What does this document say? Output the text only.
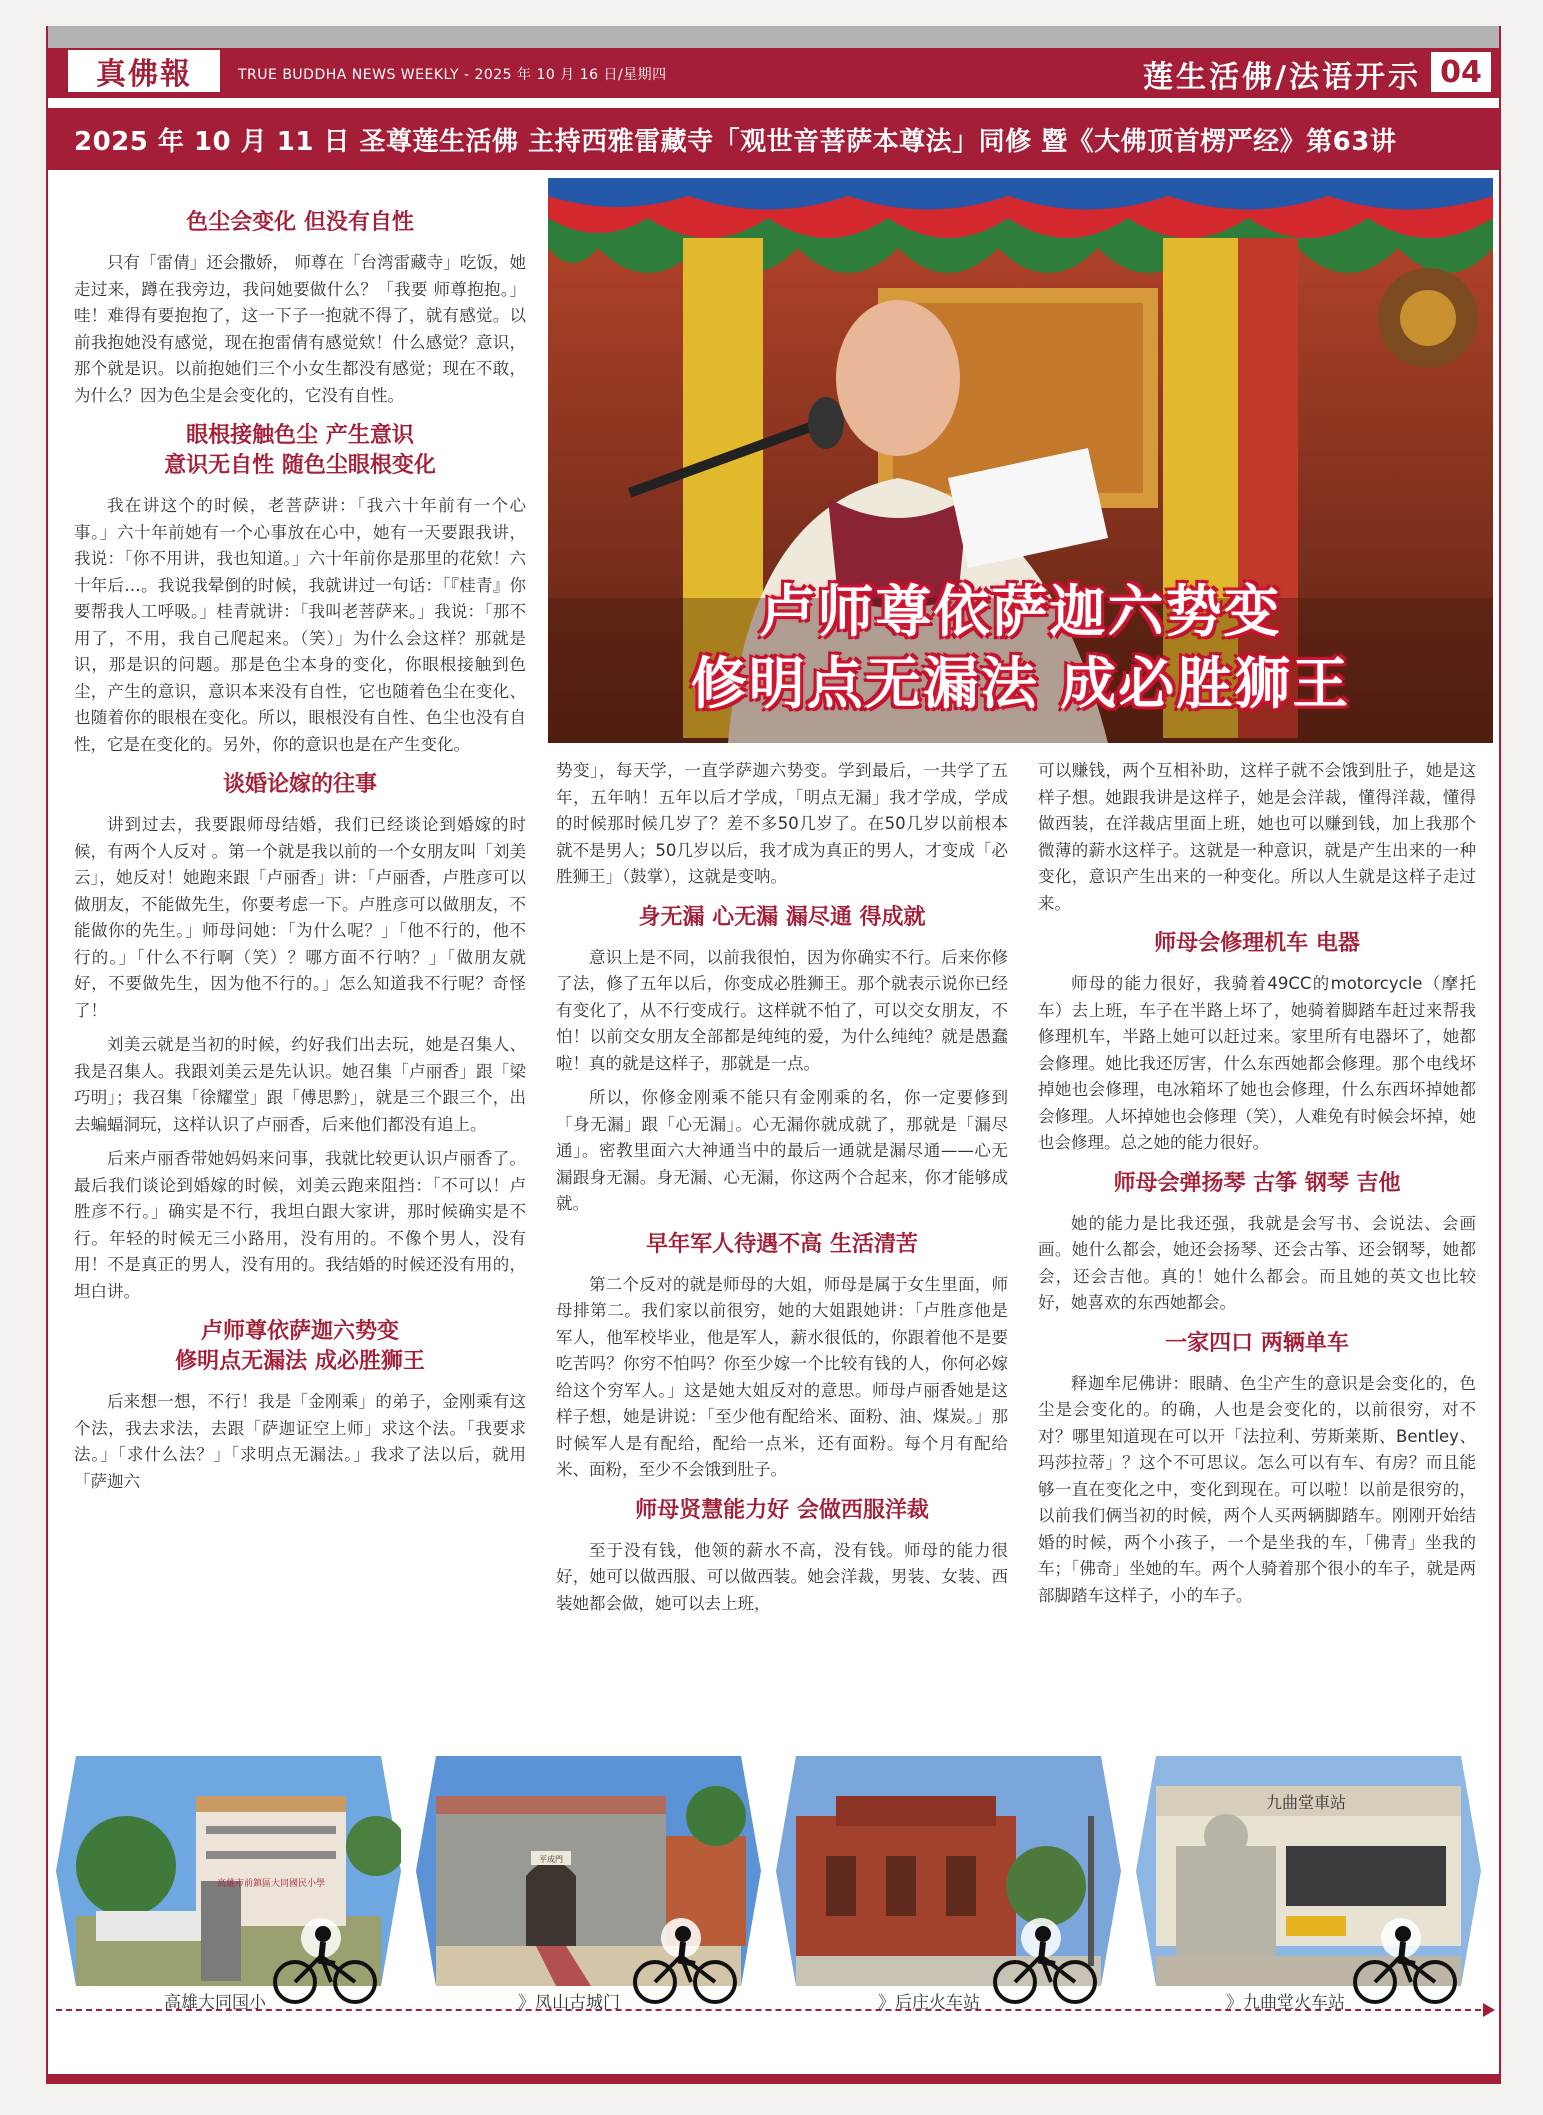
真佛報	TRUE BUDDHA NEWS WEEKLY - 2025 年 10 月 16 日/星期四	莲生活佛/法语开示 04
2025 年 10 月 11 日 圣尊莲生活佛 主持西雅雷藏寺「观世音菩萨本尊法」同修 暨《大佛顶首楞严经》第63讲
色尘会变化 但没有自性

只有「雷倩」还会撒娇， 师尊在「台湾雷藏寺」吃饭，她走过来，蹲在我旁边，我问她要做什么？「我要 师尊抱抱。」哇！难得有要抱抱了，这一下子一抱就不得了，就有感觉。以前我抱她没有感觉，现在抱雷倩有感觉欸！什么感觉？意识，那个就是识。以前抱她们三个小女生都没有感觉；现在不敢，为什么？因为色尘是会变化的，它没有自性。

眼根接触色尘 产生意识
意识无自性 随色尘眼根变化

我在讲这个的时候，老菩萨讲：「我六十年前有一个心事。」六十年前她有一个心事放在心中，她有一天要跟我讲，我说：「你不用讲，我也知道。」六十年前你是那里的花欸！六十年后…。我说我晕倒的时候，我就讲过一句话：「『桂青』你要帮我人工呼吸。」桂青就讲：「我叫老菩萨来。」我说：「那不用了，不用，我自己爬起来。（笑）」为什么会这样？那就是识，那是识的问题。那是色尘本身的变化，你眼根接触到色尘，产生的意识，意识本来没有自性，它也随着色尘在变化、也随着你的眼根在变化。所以，眼根没有自性、色尘也没有自性，它是在变化的。另外，你的意识也是在产生变化。

谈婚论嫁的往事

讲到过去，我要跟师母结婚，我们已经谈论到婚嫁的时候，有两个人反对 。第一个就是我以前的一个女朋友叫「刘美云」，她反对！她跑来跟「卢丽香」讲：「卢丽香，卢胜彦可以做朋友，不能做先生，你要考虑一下。卢胜彦可以做朋友，不能做你的先生。」师母问她：「为什么呢？」「他不行的，他不行的。」「什么不行啊（笑）？哪方面不行呐？」「做朋友就好，不要做先生，因为他不行的。」怎么知道我不行呢？奇怪了！

刘美云就是当初的时候，约好我们出去玩，她是召集人、我是召集人。我跟刘美云是先认识。她召集「卢丽香」跟「梁巧明」；我召集「徐耀堂」跟「傅思黔」，就是三个跟三个，出去蝙蝠洞玩，这样认识了卢丽香，后来他们都没有追上。

后来卢丽香带她妈妈来问事，我就比较更认识卢丽香了。最后我们谈论到婚嫁的时候，刘美云跑来阻挡：「不可以！卢胜彦不行。」确实是不行，我坦白跟大家讲，那时候确实是不行。年轻的时候无三小路用，没有用的。不像个男人，没有用！不是真正的男人，没有用的。我结婚的时候还没有用的，坦白讲。

卢师尊依萨迦六势变
修明点无漏法 成必胜狮王

后来想一想，不行！我是「金刚乘」的弟子，金刚乘有这个法，我去求法，去跟「萨迦证空上师」求这个法。「我要求法。」「求什么法？」「求明点无漏法。」我求了法以后，就用「萨迦六

卢师尊依萨迦六势变
修明点无漏法 成必胜狮王

势变」，每天学，一直学萨迦六势变。学到最后，一共学了五年，五年呐！五年以后才学成，「明点无漏」我才学成，学成的时候那时候几岁了？差不多50几岁了。在50几岁以前根本就不是男人；50几岁以后，我才成为真正的男人，才变成「必胜狮王」（鼓掌），这就是变呐。

身无漏 心无漏 漏尽通 得成就

意识上是不同，以前我很怕，因为你确实不行。后来你修了法，修了五年以后，你变成必胜狮王。那个就表示说你已经有变化了，从不行变成行。这样就不怕了，可以交女朋友，不怕！以前交女朋友全部都是纯纯的爱，为什么纯纯？就是愚蠢啦！真的就是这样子，那就是一点。

所以，你修金刚乘不能只有金刚乘的名，你一定要修到「身无漏」跟「心无漏」。心无漏你就成就了，那就是「漏尽通」。密教里面六大神通当中的最后一通就是漏尽通——心无漏跟身无漏。身无漏、心无漏，你这两个合起来，你才能够成就。

早年军人待遇不高 生活清苦

第二个反对的就是师母的大姐，师母是属于女生里面，师母排第二。我们家以前很穷，她的大姐跟她讲：「卢胜彦他是军人，他军校毕业，他是军人，薪水很低的，你跟着他不是要吃苦吗？你穷不怕吗？你至少嫁一个比较有钱的人，你何必嫁给这个穷军人。」这是她大姐反对的意思。师母卢丽香她是这样子想，她是讲说：「至少他有配给米、面粉、油、煤炭。」那时候军人是有配给，配给一点米，还有面粉。每个月有配给米、面粉，至少不会饿到肚子。

师母贤慧能力好 会做西服洋裁

至于没有钱，他领的薪水不高，没有钱。师母的能力很好，她可以做西服、可以做西装。她会洋裁，男装、女装、西装她都会做，她可以去上班，

可以赚钱，两个互相补助，这样子就不会饿到肚子，她是这样子想。她跟我讲是这样子，她是会洋裁，懂得洋裁，懂得做西装，在洋裁店里面上班，她也可以赚到钱，加上我那个微薄的薪水这样子。这就是一种意识，就是产生出来的一种变化，意识产生出来的一种变化。所以人生就是这样子走过来。

师母会修理机车 电器

师母的能力很好，我骑着49CC的motorcycle（摩托车）去上班，车子在半路上坏了，她骑着脚踏车赶过来帮我修理机车，半路上她可以赶过来。家里所有电器坏了，她都会修理。她比我还厉害，什么东西她都会修理。那个电线坏掉她也会修理，电冰箱坏了她也会修理，什么东西坏掉她都会修理。人坏掉她也会修理（笑），人难免有时候会坏掉，她也会修理。总之她的能力很好。

师母会弹扬琴 古筝 钢琴 吉他

她的能力是比我还强，我就是会写书、会说法、会画画。她什么都会，她还会扬琴、还会古筝、还会钢琴，她都会，还会吉他。真的！她什么都会。而且她的英文也比较好，她喜欢的东西她都会。

一家四口 两辆单车

释迦牟尼佛讲：眼睛、色尘产生的意识是会变化的，色尘是会变化的。的确，人也是会变化的，以前很穷，对不对？哪里知道现在可以开「法拉利、劳斯莱斯、Bentley、玛莎拉蒂」？这个不可思议。怎么可以有车、有房？而且能够一直在变化之中，变化到现在。可以啦！以前是很穷的，以前我们俩当初的时候，两个人买两辆脚踏车。刚刚开始结婚的时候，两个小孩子，一个是坐我的车，「佛青」坐我的车；「佛奇」坐她的车。两个人骑着那个很小的车子，就是两部脚踏车这样子，小的车子。

高雄市前鎮區大同國民小學
平成門
九曲堂車站
高雄大同国小	》凤山古城门	》后庄火车站	》九曲堂火车站
